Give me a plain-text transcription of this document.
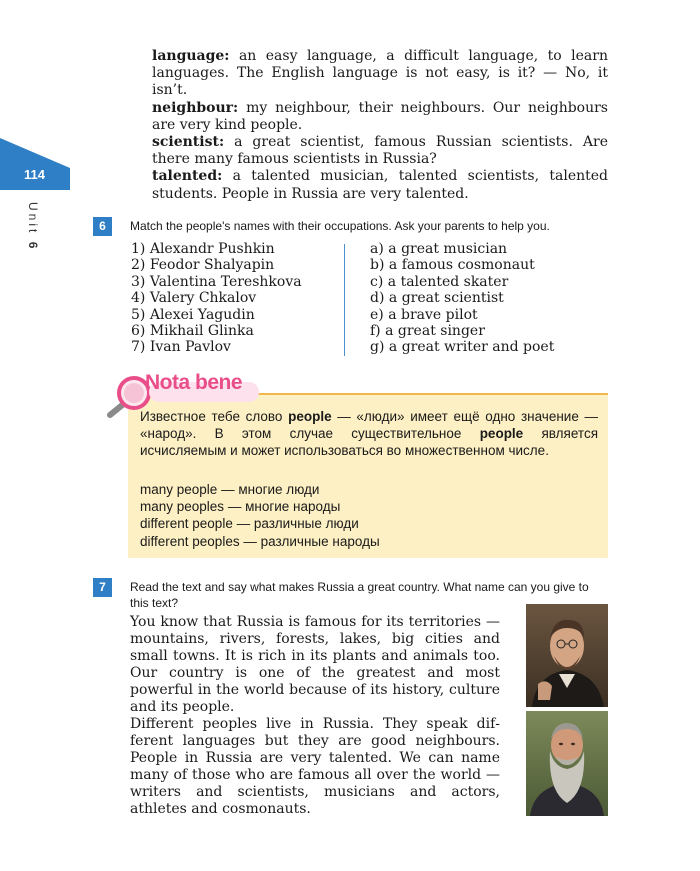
114
Unit 6

language: an easy language, a difficult language, to learn languages. The English language is not easy, is it? — No, it isn’t.

neighbour: my neighbour, their neighbours. Our neighbours are very kind people.

scientist: a great scientist, famous Russian scientists. Are there many famous scientists in Russia?

talented: a talented musician, talented scientists, talented students. People in Russia are very talented.

6	Match the people's names with their occupations. Ask your parents to help you.
1) Alexandr Pushkin
2) Feodor Shalyapin
3) Valentina Tereshkova
4) Valery Chkalov
5) Alexei Yagudin
6) Mikhail Glinka
7) Ivan Pavlov
a) a great musician
b) a famous cosmonaut
c) a talented skater
d) a great scientist
e) a brave pilot
f) a great singer
g) a great writer and poet
Nota bene
Известное тебе слово people — «люди» имеет ещё одно значение — «народ». В этом случае существительное people является исчисляемым и может использоваться во множественном числе.
many people — многие люди
many peoples — многие народы
different people — различные люди
different peoples — различные народы
7	Read the text and say what makes Russia a great country. What name can you give to this text?

You know that Russia is famous for its territories — mountains, rivers, forests, lakes, big cities and small towns. It is rich in its plants and animals too. Our country is one of the greatest and most powerful in the world because of its history, culture and its people.

Different peoples live in Russia. They speak different languages but they are good neighbours. People in Russia are very talented. We can name many of those who are famous all over the world — writers and scientists, musicians and actors, athletes and cosmonauts.
